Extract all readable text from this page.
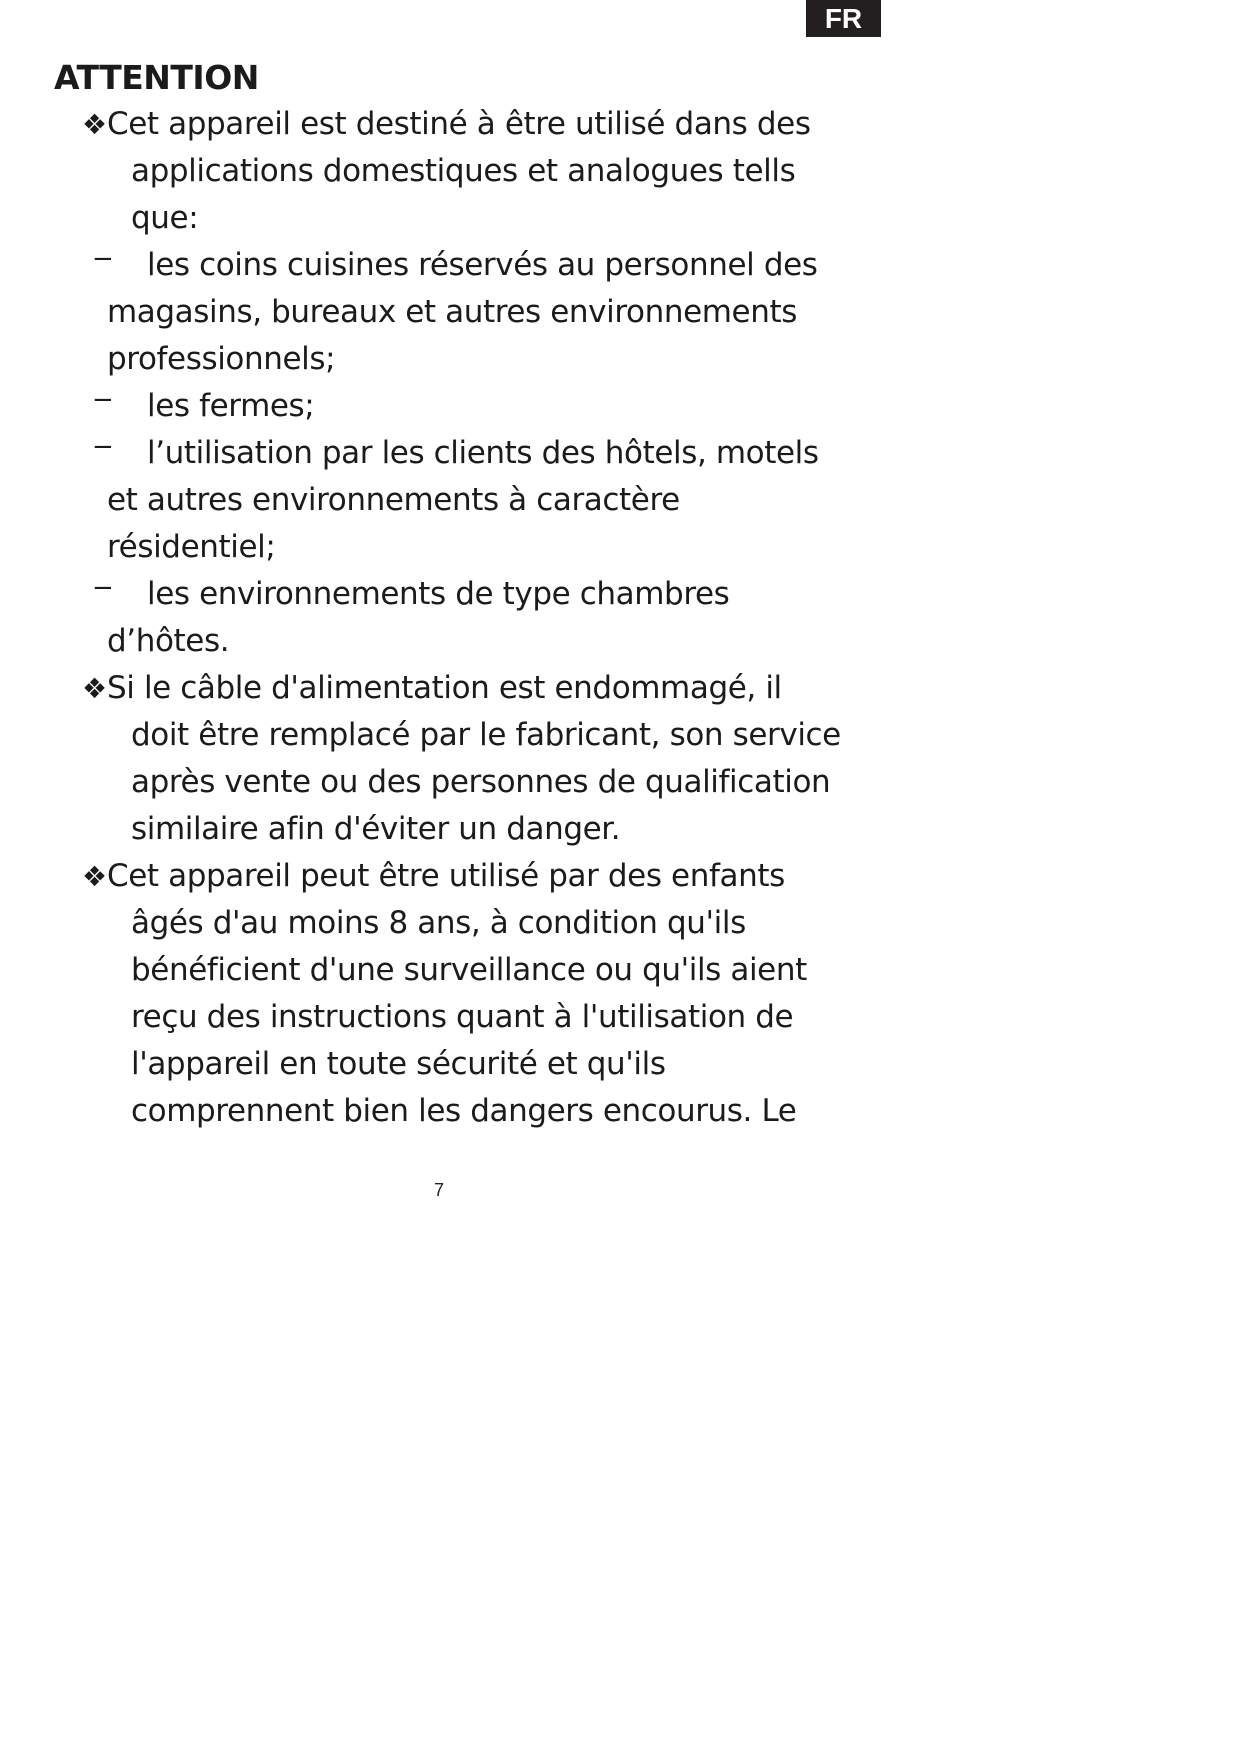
FR
ATTENTION
❖ Cet appareil est destiné à être utilisé dans des applications domestiques et analogues tells que:

−	les coins cuisines réservés au personnel des magasins, bureaux et autres environnements professionnels;
−	les fermes;
−	l’utilisation par les clients des hôtels, motels et autres environnements à caractère résidentiel;
−	les environnements de type chambres d’hôtes.
❖ Si le câble d'alimentation est endommagé, il doit être remplacé par le fabricant, son service après vente ou des personnes de qualification similaire afin d'éviter un danger.

❖ Cet appareil peut être utilisé par des enfants âgés d'au moins 8 ans, à condition qu'ils bénéficient d'une surveillance ou qu'ils aient reçu des instructions quant à l'utilisation de l'appareil en toute sécurité et qu'ils comprennent bien les dangers encourus. Le

7
